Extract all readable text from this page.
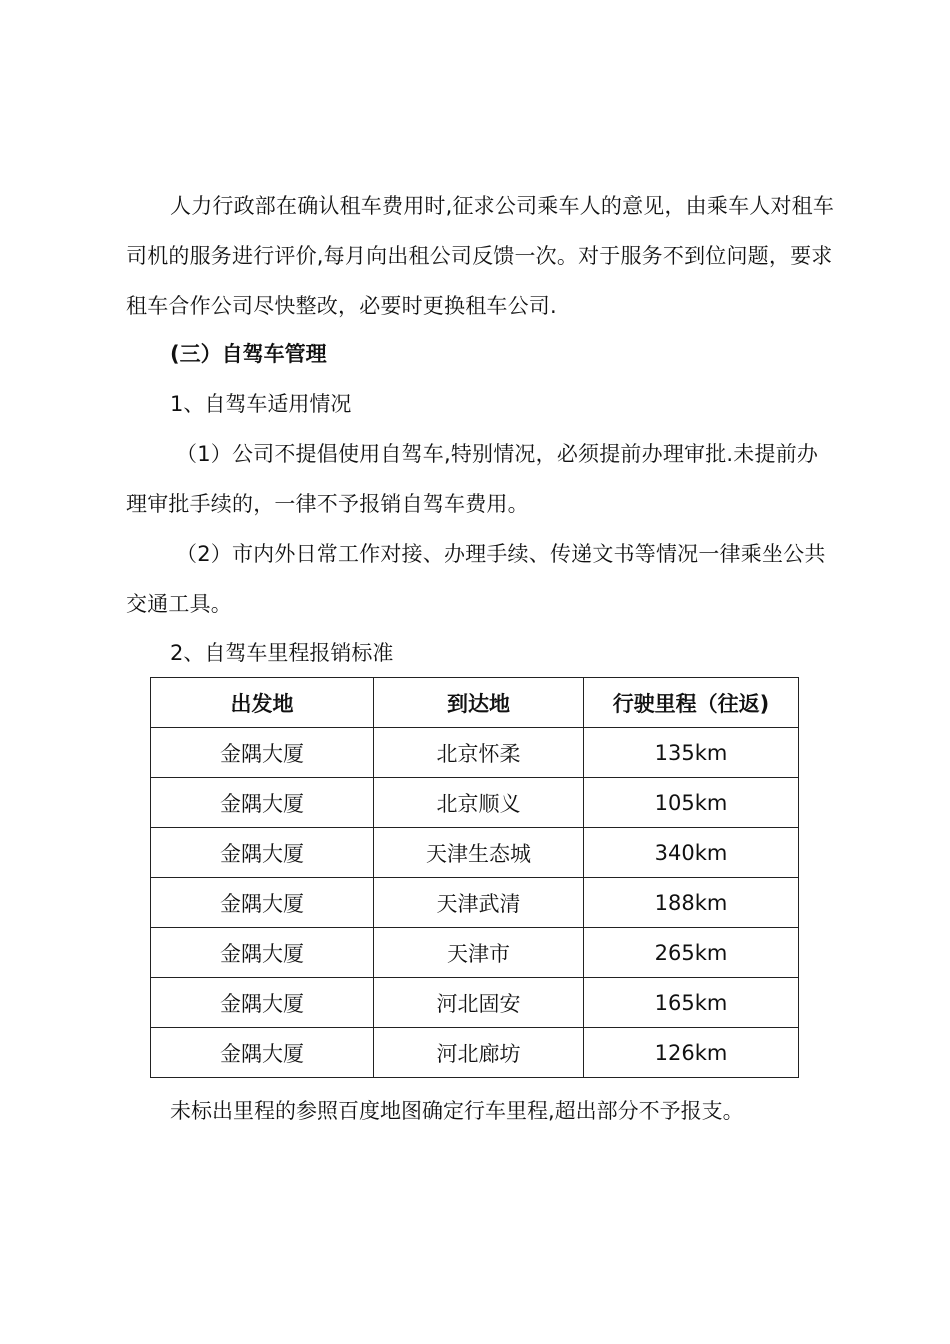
人力行政部在确认租车费用时,征求公司乘车人的意见，由乘车人对租车司机的服务进行评价,每月向出租公司反馈一次。对于服务不到位问题，要求租车合作公司尽快整改，必要时更换租车公司.

(三）自驾车管理

1、自驾车适用情况

（1）公司不提倡使用自驾车,特别情况，必须提前办理审批.未提前办理审批手续的，一律不予报销自驾车费用。

（2）市内外日常工作对接、办理手续、传递文书等情况一律乘坐公共交通工具。

2、自驾车里程报销标准

出发地	到达地	行驶里程（往返)
金隅大厦	北京怀柔	135km
金隅大厦	北京顺义	105km
金隅大厦	天津生态城	340km
金隅大厦	天津武清	188km
金隅大厦	天津市	265km
金隅大厦	河北固安	165km
金隅大厦	河北廊坊	126km

未标出里程的参照百度地图确定行车里程,超出部分不予报支。
